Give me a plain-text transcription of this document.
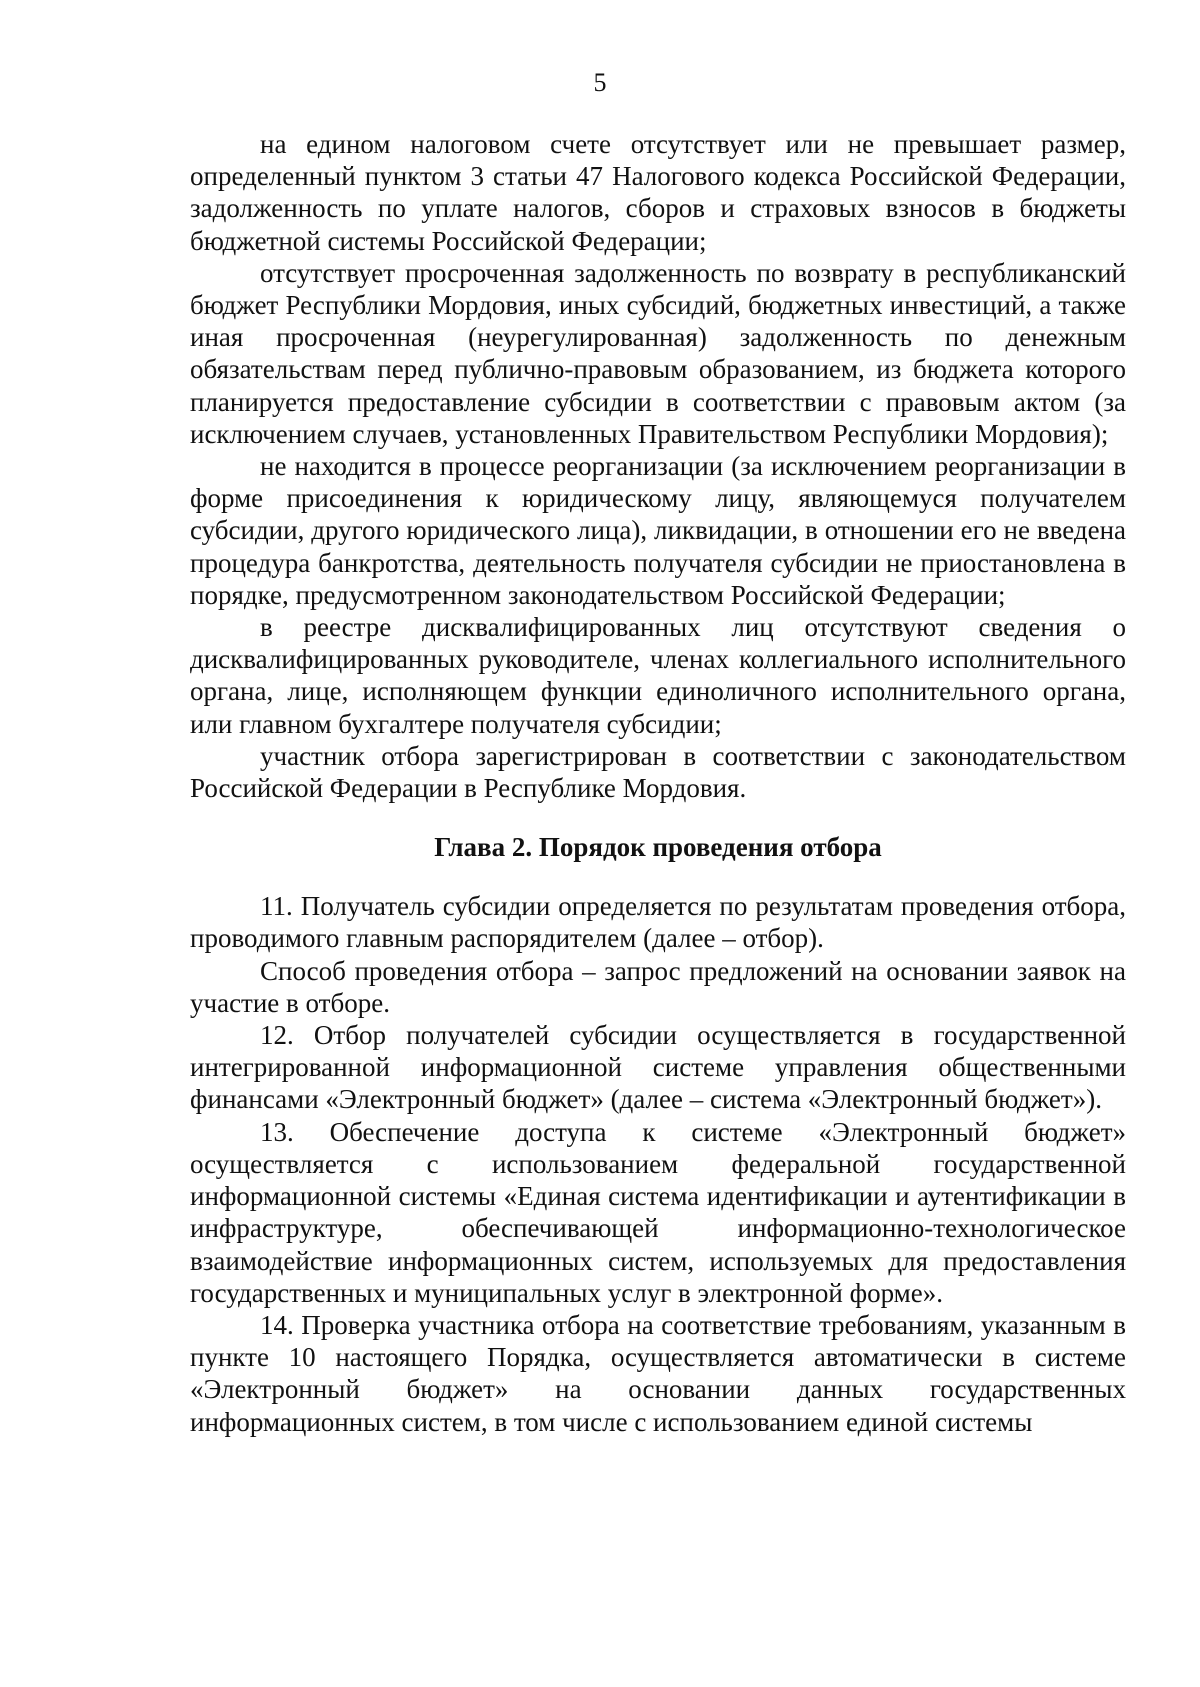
5

на едином налоговом счете отсутствует или не превышает размер, определенный пунктом 3 статьи 47 Налогового кодекса Российской Федерации, задолженность по уплате налогов, сборов и страховых взносов в бюджеты бюджетной системы Российской Федерации;

отсутствует просроченная задолженность по возврату в республиканский бюджет Республики Мордовия, иных субсидий, бюджетных инвестиций, а также иная просроченная (неурегулированная) задолженность по денежным обязательствам перед публично-правовым образованием, из бюджета которого планируется предоставление субсидии в соответствии с правовым актом (за исключением случаев, установленных Правительством Республики Мордовия);

не находится в процессе реорганизации (за исключением реорганизации в форме присоединения к юридическому лицу, являющемуся получателем субсидии, другого юридического лица), ликвидации, в отношении его не введена процедура банкротства, деятельность получателя субсидии не приостановлена в порядке, предусмотренном законодательством Российской Федерации;

в реестре дисквалифицированных лиц отсутствуют сведения о дисквалифицированных руководителе, членах коллегиального исполнительного органа, лице, исполняющем функции единоличного исполнительного органа, или главном бухгалтере получателя субсидии;

участник отбора зарегистрирован в соответствии с законодательством Российской Федерации в Республике Мордовия.

Глава 2. Порядок проведения отбора

11. Получатель субсидии определяется по результатам проведения отбора, проводимого главным распорядителем (далее – отбор).

Способ проведения отбора – запрос предложений на основании заявок на участие в отборе.

12. Отбор получателей субсидии осуществляется в государственной интегрированной информационной системе управления общественными финансами «Электронный бюджет» (далее – система «Электронный бюджет»).

13. Обеспечение доступа к системе «Электронный бюджет» осуществляется с использованием федеральной государственной информационной системы «Единая система идентификации и аутентификации в инфраструктуре, обеспечивающей информационно-технологическое взаимодействие информационных систем, используемых для предоставления государственных и муниципальных услуг в электронной форме».

14. Проверка участника отбора на соответствие требованиям, указанным в пункте 10 настоящего Порядка, осуществляется автоматически в системе «Электронный бюджет» на основании данных государственных информационных систем, в том числе с использованием единой системы
